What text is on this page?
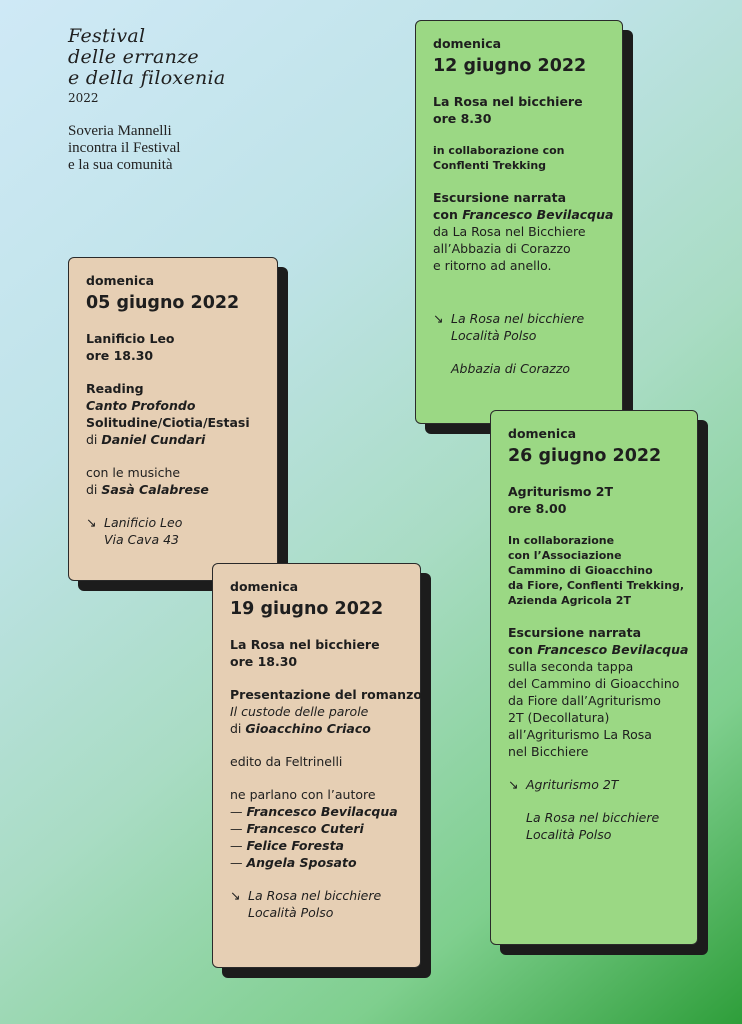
Festival
delle erranze
e della filoxenia
2022
Soveria Mannelli
incontra il Festival
e la sua comunità
domenica
12 giugno 2022
La Rosa nel bicchiere
ore 8.30
in collaborazione con
Conflenti Trekking
Escursione narrata
con Francesco Bevilacqua
da La Rosa nel Bicchiere
all’Abbazia di Corazzo
e ritorno ad anello.
↘ La Rosa nel bicchiere
Località Polso
Abbazia di Corazzo
domenica
05 giugno 2022
Lanificio Leo
ore 18.30
Reading
Canto Profondo
Solitudine/Ciotia/Estasi
di Daniel Cundari
con le musiche
di Sasà Calabrese
↘ Lanificio Leo
Via Cava 43
domenica
26 giugno 2022
Agriturismo 2T
ore 8.00
In collaborazione
con l’Associazione
Cammino di Gioacchino
da Fiore, Conflenti Trekking,
Azienda Agricola 2T
Escursione narrata
con Francesco Bevilacqua
sulla seconda tappa
del Cammino di Gioacchino
da Fiore dall’Agriturismo
2T (Decollatura)
all’Agriturismo La Rosa
nel Bicchiere
↘ Agriturismo 2T
La Rosa nel bicchiere
Località Polso
domenica
19 giugno 2022
La Rosa nel bicchiere
ore 18.30
Presentazione del romanzo
Il custode delle parole
di Gioacchino Criaco
edito da Feltrinelli
ne parlano con l’autore
— Francesco Bevilacqua
— Francesco Cuteri
— Felice Foresta
— Angela Sposato
↘ La Rosa nel bicchiere
Località Polso
